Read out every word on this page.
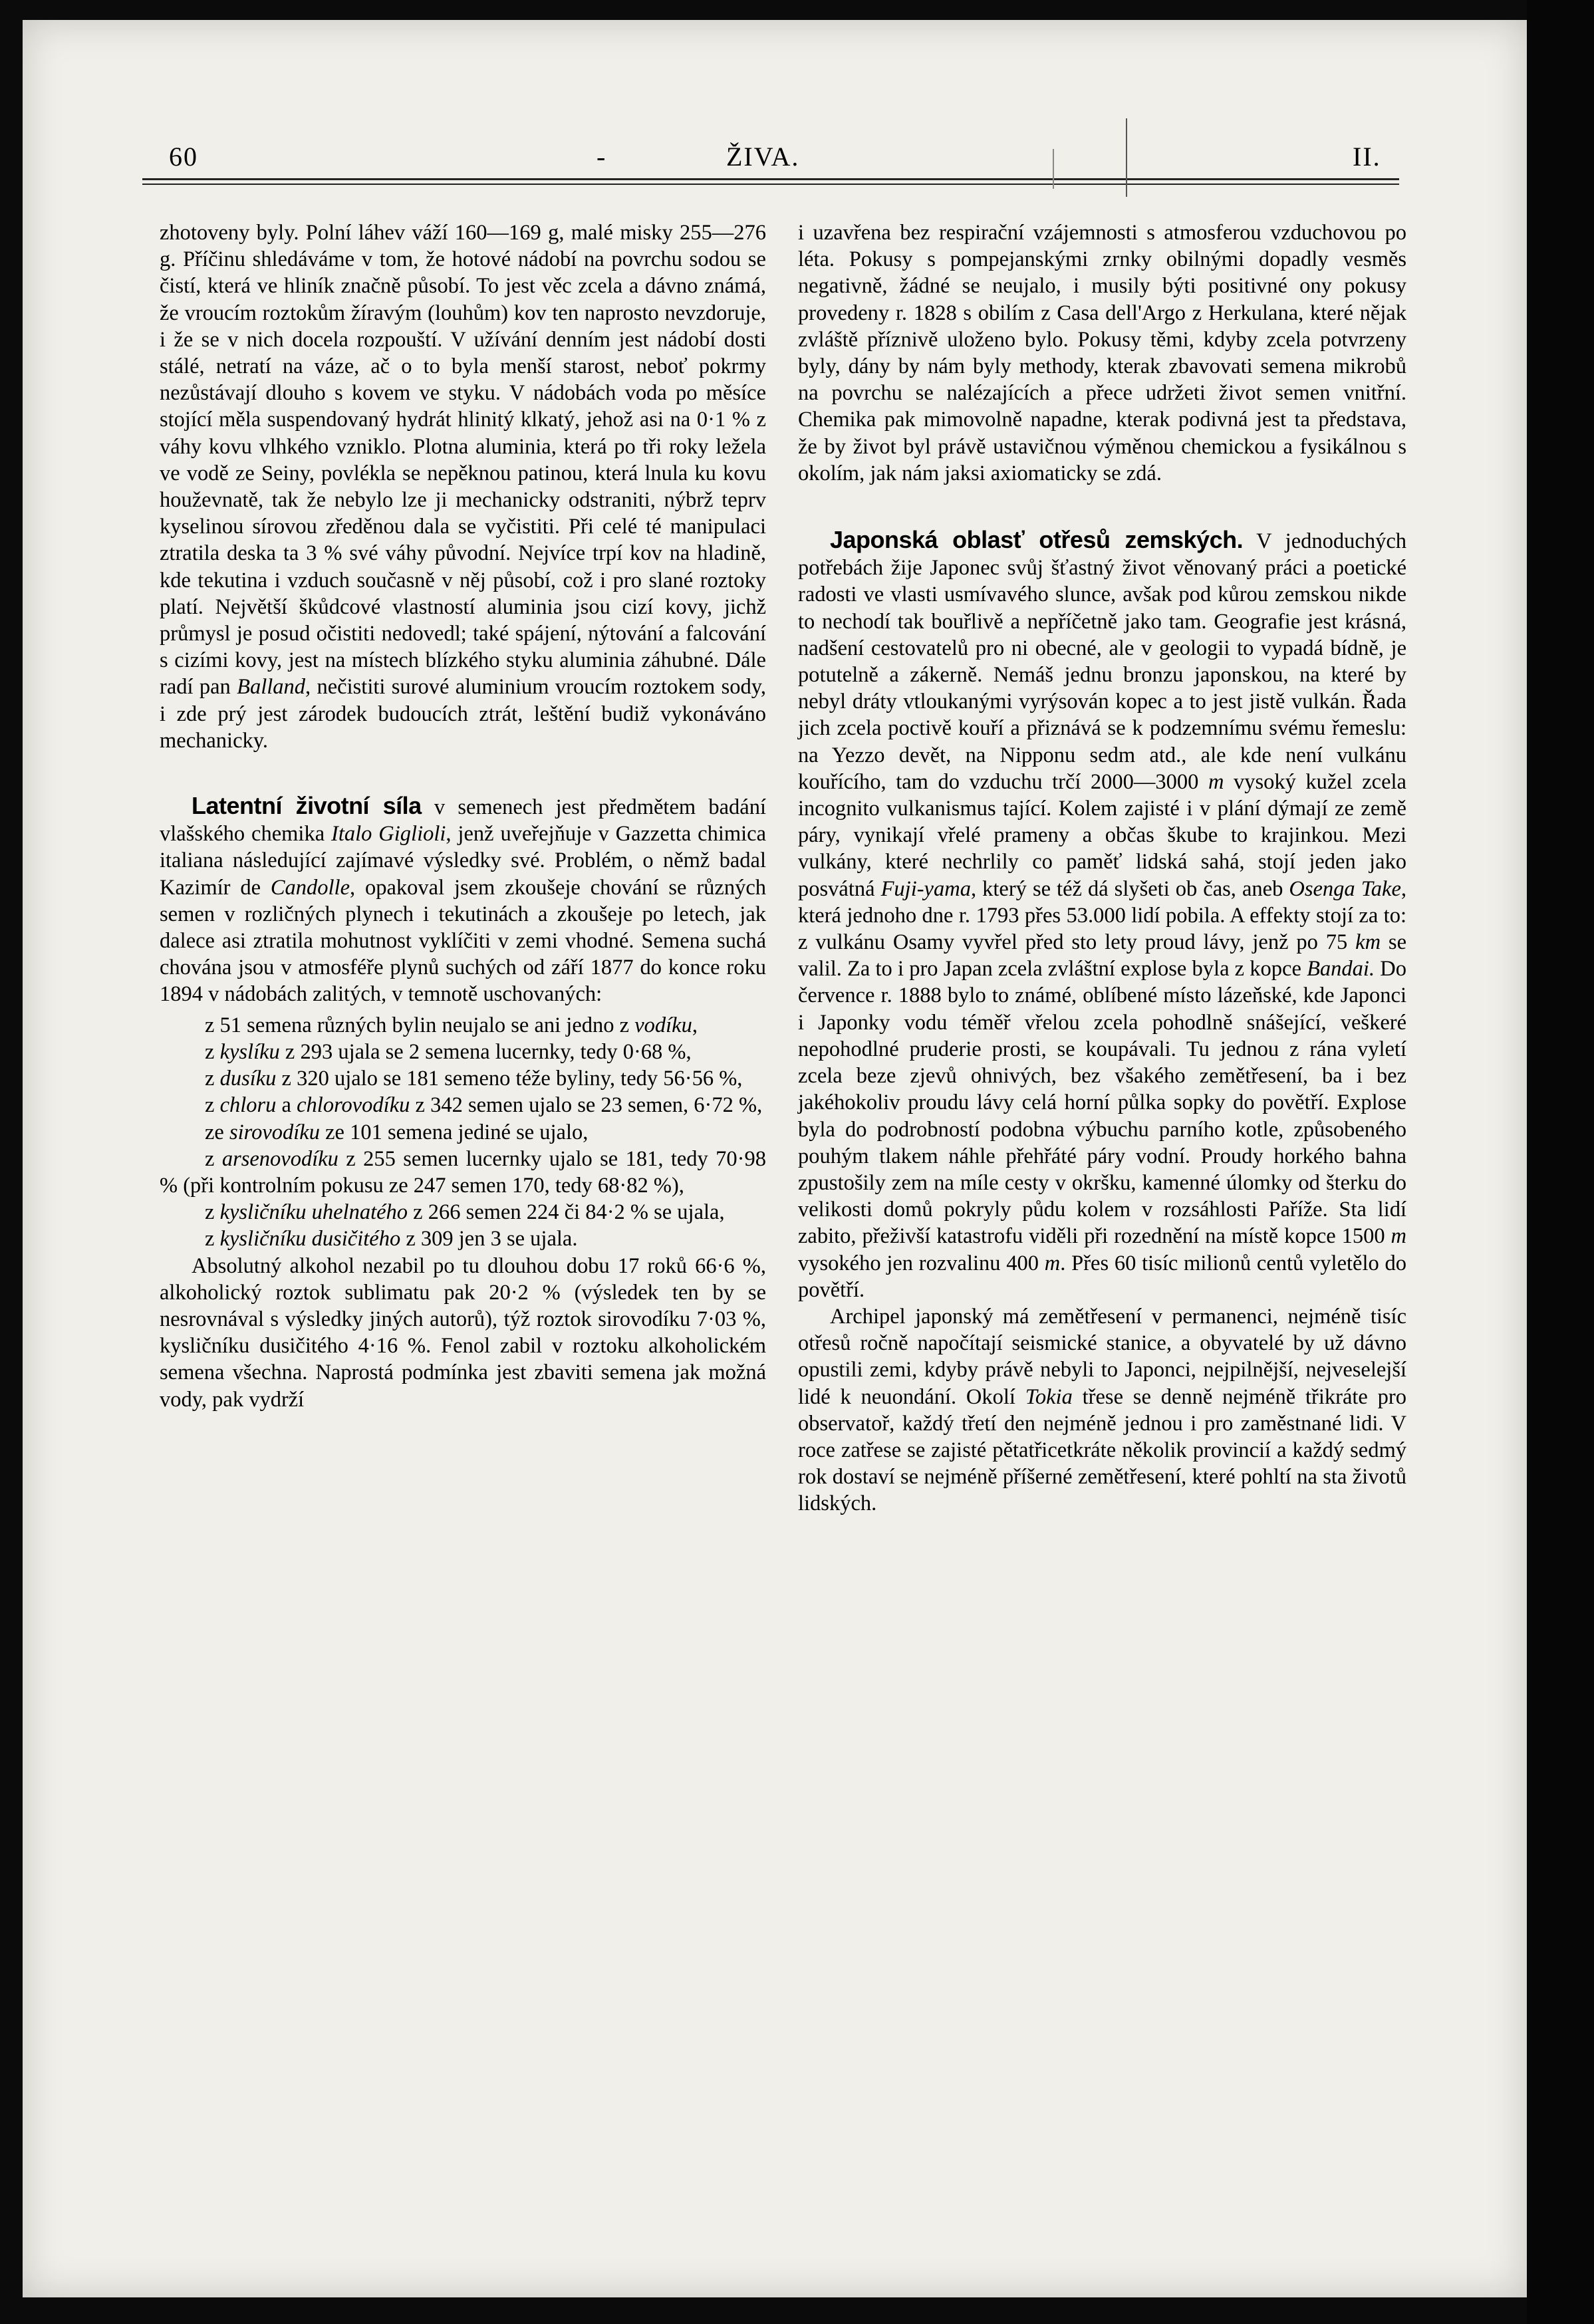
60	-	ŽIVA.	II.

zhotoveny byly. Polní láhev váží 160—169 g, malé misky 255—276 g. Příčinu shledáváme v tom, že hotové nádobí na povrchu sodou se čistí, která ve hliník značně působí. To jest věc zcela a dávno známá, že vroucím roztokům žíravým (louhům) kov ten naprosto nevzdoruje, i že se v nich docela rozpouští. V užívání denním jest nádobí dosti stálé, netratí na váze, ač o to byla menší starost, neboť pokrmy nezůstávají dlouho s kovem ve styku. V nádobách voda po měsíce stojící měla suspendovaný hydrát hlinitý klkatý, jehož asi na 0·1 % z váhy kovu vlhkého vzniklo. Plotna aluminia, která po tři roky ležela ve vodě ze Seiny, povlékla se nepěknou patinou, která lnula ku kovu houževnatě, tak že nebylo lze ji mechanicky odstraniti, nýbrž teprv kyselinou sírovou zředěnou dala se vyčistiti. Při celé té manipulaci ztratila deska ta 3 % své váhy původní. Nejvíce trpí kov na hladině, kde tekutina i vzduch současně v něj působí, což i pro slané roztoky platí. Největší škůdcové vlastností aluminia jsou cizí kovy, jichž průmysl je posud očistiti nedovedl; také spájení, nýtování a falcování s cizími kovy, jest na místech blízkého styku aluminia záhubné. Dále radí pan Balland, nečistiti surové aluminium vroucím roztokem sody, i zde prý jest zárodek budoucích ztrát, leštění budiž vykonáváno mechanicky.

Latentní životní síla v semenech jest předmětem badání vlašského chemika Italo Giglioli, jenž uveřejňuje v Gazzetta chimica italiana následující zajímavé výsledky své. Problém, o němž badal Kazimír de Candolle, opakoval jsem zkoušeje chování se různých semen v rozličných plynech i tekutinách a zkoušeje po letech, jak dalece asi ztratila mohutnost vyklíčiti v zemi vhodné. Semena suchá chována jsou v atmosféře plynů suchých od září 1877 do konce roku 1894 v nádobách zalitých, v temnotě uschovaných:

z 51 semena různých bylin neujalo se ani jedno z vodíku,

z kyslíku z 293 ujala se 2 semena lucernky, tedy 0·68 %,

z dusíku z 320 ujalo se 181 semeno téže byliny, tedy 56·56 %,

z chloru a chlorovodíku z 342 semen ujalo se 23 semen, 6·72 %,

ze sirovodíku ze 101 semena jediné se ujalo,

z arsenovodíku z 255 semen lucernky ujalo se 181, tedy 70·98 % (při kontrolním pokusu ze 247 semen 170, tedy 68·82 %),

z kysličníku uhelnatého z 266 semen 224 či 84·2 % se ujala,

z kysličníku dusičitého z 309 jen 3 se ujala.

Absolutný alkohol nezabil po tu dlouhou dobu 17 roků 66·6 %, alkoholický roztok sublimatu pak 20·2 % (výsledek ten by se nesrovnával s výsledky jiných autorů), týž roztok sirovodíku 7·03 %, kysličníku dusičitého 4·16 %. Fenol zabil v roztoku alkoholickém semena všechna. Naprostá podmínka jest zbaviti semena jak možná vody, pak vydrží

i uzavřena bez respirační vzájemnosti s atmosferou vzduchovou po léta. Pokusy s pompejanskými zrnky obilnými dopadly vesměs negativně, žádné se neujalo, i musily býti positivné ony pokusy provedeny r. 1828 s obilím z Casa dell'Argo z Herkulana, které nějak zvláště příznivě uloženo bylo. Pokusy těmi, kdyby zcela potvrzeny byly, dány by nám byly methody, kterak zbavovati semena mikrobů na povrchu se nalézajících a přece udržeti život semen vnitřní. Chemika pak mimovolně napadne, kterak podivná jest ta představa, že by život byl právě ustavičnou výměnou chemickou a fysikálnou s okolím, jak nám jaksi axiomaticky se zdá.

Japonská oblasť otřesů zemských. V jednoduchých potřebách žije Japonec svůj šťastný život věnovaný práci a poetické radosti ve vlasti usmívavého slunce, avšak pod kůrou zemskou nikde to nechodí tak bouřlivě a nepříčetně jako tam. Geografie jest krásná, nadšení cestovatelů pro ni obecné, ale v geologii to vypadá bídně, je potutelně a zákerně. Nemáš jednu bronzu japonskou, na které by nebyl dráty vtloukanými vyrýsován kopec a to jest jistě vulkán. Řada jich zcela poctivě kouří a přiznává se k podzemnímu svému řemeslu: na Yezzo devět, na Nipponu sedm atd., ale kde není vulkánu kouřícího, tam do vzduchu trčí 2000—3000 m vysoký kužel zcela incognito vulkanismus tající. Kolem zajisté i v plání dýmají ze země páry, vynikají vřelé prameny a občas škube to krajinkou. Mezi vulkány, které nechrlily co paměť lidská sahá, stojí jeden jako posvátná Fuji-yama, který se též dá slyšeti ob čas, aneb Osenga Take, která jednoho dne r. 1793 přes 53.000 lidí pobila. A effekty stojí za to: z vulkánu Osamy vyvřel před sto lety proud lávy, jenž po 75 km se valil. Za to i pro Japan zcela zvláštní explose byla z kopce Bandai. Do července r. 1888 bylo to známé, oblíbené místo lázeňské, kde Japonci i Japonky vodu téměř vřelou zcela pohodlně snášející, veškeré nepohodlné pruderie prosti, se koupávali. Tu jednou z rána vyletí zcela beze zjevů ohnivých, bez všakého zemětřesení, ba i bez jakéhokoliv proudu lávy celá horní půlka sopky do povětří. Explose byla do podrobností podobna výbuchu parního kotle, způsobeného pouhým tlakem náhle přehřáté páry vodní. Proudy horkého bahna zpustošily zem na míle cesty v okršku, kamenné úlomky od šterku do velikosti domů pokryly půdu kolem v rozsáhlosti Paříže. Sta lidí zabito, přeživší katastrofu viděli při rozednění na místě kopce 1500 m vysokého jen rozvalinu 400 m. Přes 60 tisíc milionů centů vyletělo do povětří.

Archipel japonský má zemětřesení v permanenci, nejméně tisíc otřesů ročně napočítají seismické stanice, a obyvatelé by už dávno opustili zemi, kdyby právě nebyli to Japonci, nejpilnější, nejveselejší lidé k neuondání. Okolí Tokia třese se denně nejméně třikráte pro observatoř, každý třetí den nejméně jednou i pro zaměstnané lidi. V roce zatřese se zajisté pětatřicetkráte několik provincií a každý sedmý rok dostaví se nejméně příšerné zemětřesení, které pohltí na sta životů lidských.
